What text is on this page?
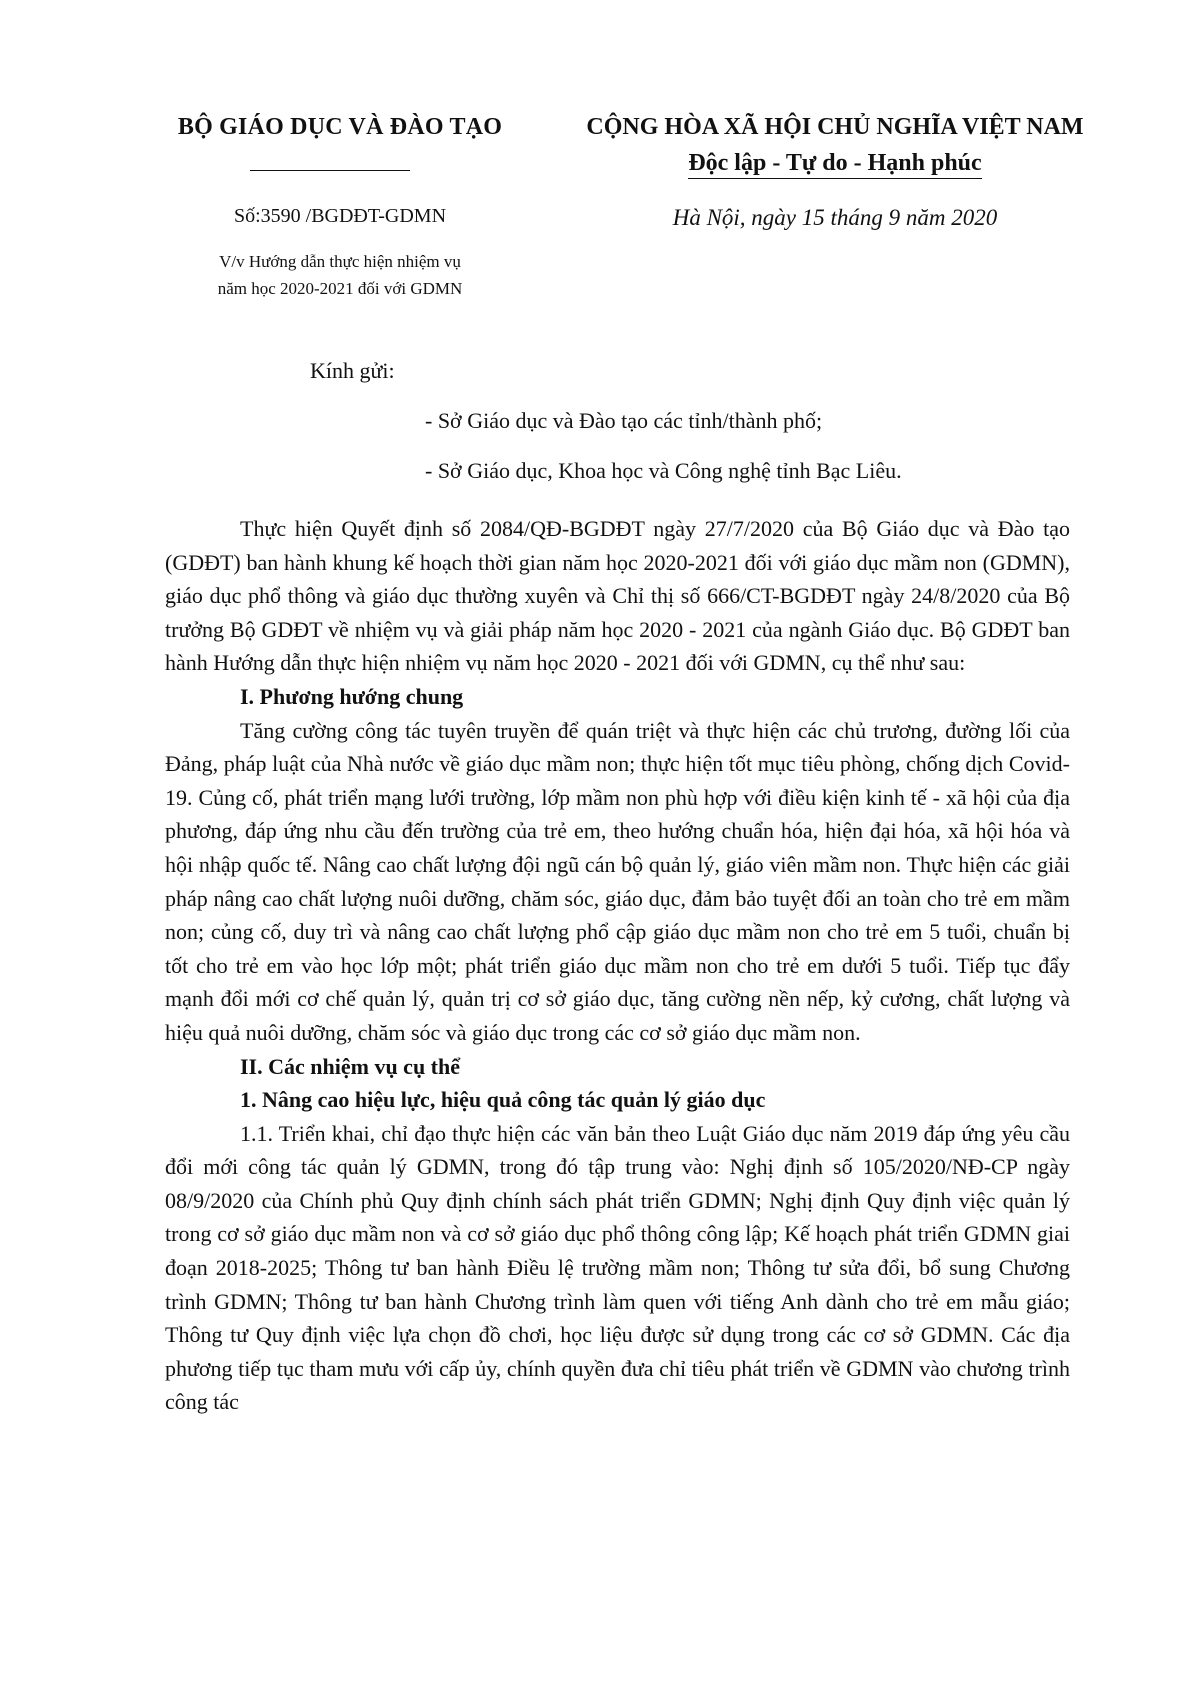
BỘ GIÁO DỤC VÀ ĐÀO TẠO
Số:3590 /BGDĐT-GDMN
V/v Hướng dẫn thực hiện nhiệm vụ
năm học 2020-2021 đối với GDMN
CỘNG HÒA XÃ HỘI CHỦ NGHĨA VIỆT NAM
Độc lập - Tự do - Hạnh phúc
Hà Nội, ngày 15 tháng 9 năm 2020
Kính gửi:
- Sở Giáo dục và Đào tạo các tỉnh/thành phố;
- Sở Giáo dục, Khoa học và Công nghệ tỉnh Bạc Liêu.

Thực hiện Quyết định số 2084/QĐ-BGDĐT ngày 27/7/2020 của Bộ Giáo dục và Đào tạo (GDĐT) ban hành khung kế hoạch thời gian năm học 2020-2021 đối với giáo dục mầm non (GDMN), giáo dục phổ thông và giáo dục thường xuyên và Chỉ thị số 666/CT-BGDĐT ngày 24/8/2020 của Bộ trưởng Bộ GDĐT về nhiệm vụ và giải pháp năm học 2020 - 2021 của ngành Giáo dục. Bộ GDĐT ban hành Hướng dẫn thực hiện nhiệm vụ năm học 2020 - 2021 đối với GDMN, cụ thể như sau:

I. Phương hướng chung

Tăng cường công tác tuyên truyền để quán triệt và thực hiện các chủ trương, đường lối của Đảng, pháp luật của Nhà nước về giáo dục mầm non; thực hiện tốt mục tiêu phòng, chống dịch Covid-19. Củng cố, phát triển mạng lưới trường, lớp mầm non phù hợp với điều kiện kinh tế - xã hội của địa phương, đáp ứng nhu cầu đến trường của trẻ em, theo hướng chuẩn hóa, hiện đại hóa, xã hội hóa và hội nhập quốc tế. Nâng cao chất lượng đội ngũ cán bộ quản lý, giáo viên mầm non. Thực hiện các giải pháp nâng cao chất lượng nuôi dưỡng, chăm sóc, giáo dục, đảm bảo tuyệt đối an toàn cho trẻ em mầm non; củng cố, duy trì và nâng cao chất lượng phổ cập giáo dục mầm non cho trẻ em 5 tuổi, chuẩn bị tốt cho trẻ em vào học lớp một; phát triển giáo dục mầm non cho trẻ em dưới 5 tuổi. Tiếp tục đẩy mạnh đổi mới cơ chế quản lý, quản trị cơ sở giáo dục, tăng cường nền nếp, kỷ cương, chất lượng và hiệu quả nuôi dưỡng, chăm sóc và giáo dục trong các cơ sở giáo dục mầm non.

II. Các nhiệm vụ cụ thể
1. Nâng cao hiệu lực, hiệu quả công tác quản lý giáo dục

1.1. Triển khai, chỉ đạo thực hiện các văn bản theo Luật Giáo dục năm 2019 đáp ứng yêu cầu đổi mới công tác quản lý GDMN, trong đó tập trung vào: Nghị định số 105/2020/NĐ-CP ngày 08/9/2020 của Chính phủ Quy định chính sách phát triển GDMN; Nghị định Quy định việc quản lý trong cơ sở giáo dục mầm non và cơ sở giáo dục phổ thông công lập; Kế hoạch phát triển GDMN giai đoạn 2018-2025; Thông tư ban hành Điều lệ trường mầm non; Thông tư sửa đổi, bổ sung Chương trình GDMN; Thông tư ban hành Chương trình làm quen với tiếng Anh dành cho trẻ em mẫu giáo; Thông tư Quy định việc lựa chọn đồ chơi, học liệu được sử dụng trong các cơ sở GDMN. Các địa phương tiếp tục tham mưu với cấp ủy, chính quyền đưa chỉ tiêu phát triển về GDMN vào chương trình công tác
